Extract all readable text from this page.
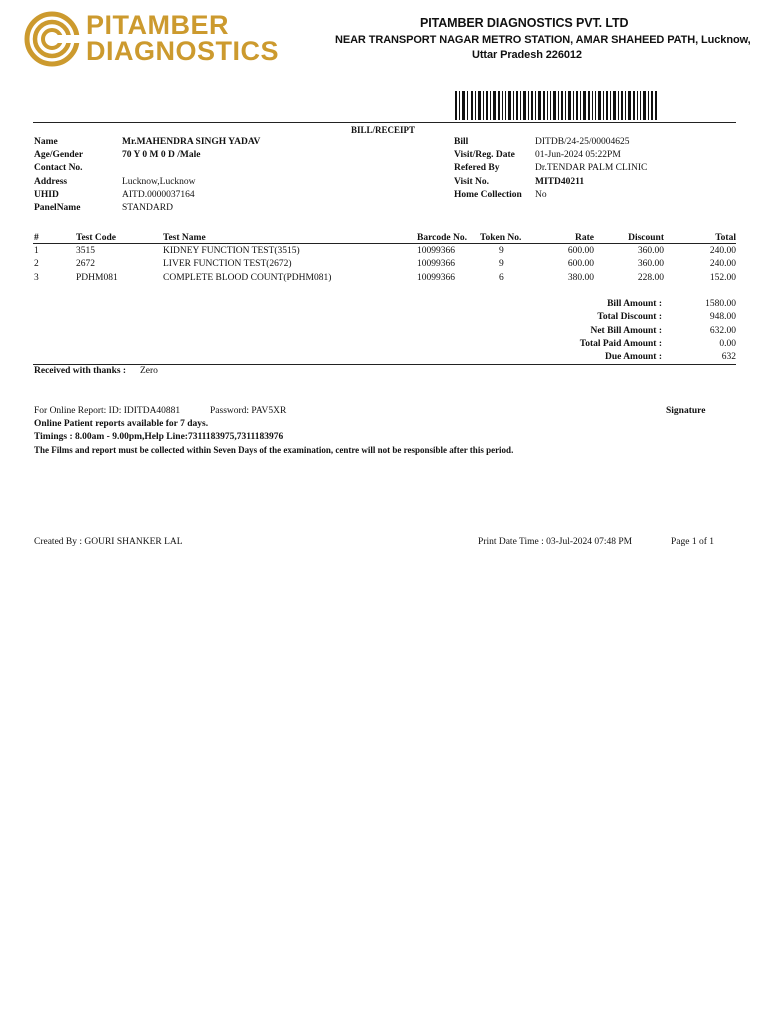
PITAMBER
DIAGNOSTICS
PITAMBER DIAGNOSTICS PVT. LTD
NEAR TRANSPORT NAGAR METRO STATION, AMAR SHAHEED PATH, Lucknow,
Uttar Pradesh 226012
BILL/RECEIPT
Name	Mr.MAHENDRA SINGH YADAV
Age/Gender	70 Y 0 M 0 D /Male
Contact No.
Address	Lucknow,Lucknow
UHID	AITD.0000037164
PanelName	STANDARD
Bill	DITDB/24-25/00004625
Visit/Reg. Date 01-Jun-2024 05:22PM
Refered By	Dr.TENDAR PALM CLINIC
Visit No.	MITD40211
Home Collection No
#	Test Code	Test Name	Barcode No. Token No.	Rate	Discount	Total
1	3515	KIDNEY FUNCTION TEST(3515)	10099366	9	600.00	360.00	240.00
2	2672	LIVER FUNCTION TEST(2672)	10099366	9	600.00	360.00	240.00
3	PDHM081	COMPLETE BLOOD COUNT(PDHM081)	10099366	6	380.00	228.00	152.00
Bill Amount :	1580.00
Total Discount :	948.00
Net Bill Amount :	632.00
Total Paid Amount :	0.00
Due Amount :	632
Received with thanks : Zero
For Online Report: ID: IDITDA40881	Password: PAV5XR	Signature
Online Patient reports available for 7 days.
Timings : 8.00am - 9.00pm,Help Line:7311183975,7311183976
The Films and report must be collected within Seven Days of the examination, centre will not be responsible after this period.
Created By : GOURI SHANKER LAL	Print Date Time : 03-Jul-2024 07:48 PM	Page 1 of 1
